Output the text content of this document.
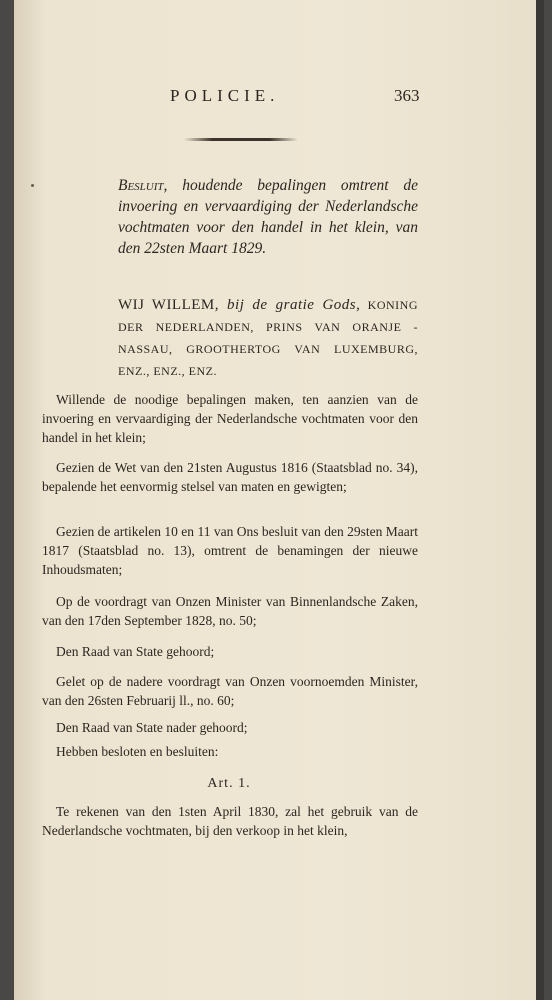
POLICIE.	363
Besluit, houdende bepalingen omtrent de invoering en vervaardiging der Nederlandsche vochtmaten voor den handel in het klein, van den 22sten Maart 1829.
WIJ WILLEM, bij de gratie Gods, KONING DER NEDERLANDEN, PRINS VAN ORANJE - NASSAU, GROOTHERTOG VAN LUXEMBURG, ENZ., ENZ., ENZ.
Willende de noodige bepalingen maken, ten aanzien van de invoering en vervaardiging der Nederlandsche vochtmaten voor den handel in het klein;
Gezien de Wet van den 21sten Augustus 1816 (Staatsblad no. 34), bepalende het eenvormig stelsel van maten en gewigten;
Gezien de artikelen 10 en 11 van Ons besluit van den 29sten Maart 1817 (Staatsblad no. 13), omtrent de benamingen der nieuwe Inhoudsmaten;
Op de voordragt van Onzen Minister van Binnenlandsche Zaken, van den 17den September 1828, no. 50;
Den Raad van State gehoord;
Gelet op de nadere voordragt van Onzen voornoemden Minister, van den 26sten Februarij ll., no. 60;
Den Raad van State nader gehoord;
Hebben besloten en besluiten:
Art. 1.
Te rekenen van den 1sten April 1830, zal het gebruik van de Nederlandsche vochtmaten, bij den verkoop in het klein,
